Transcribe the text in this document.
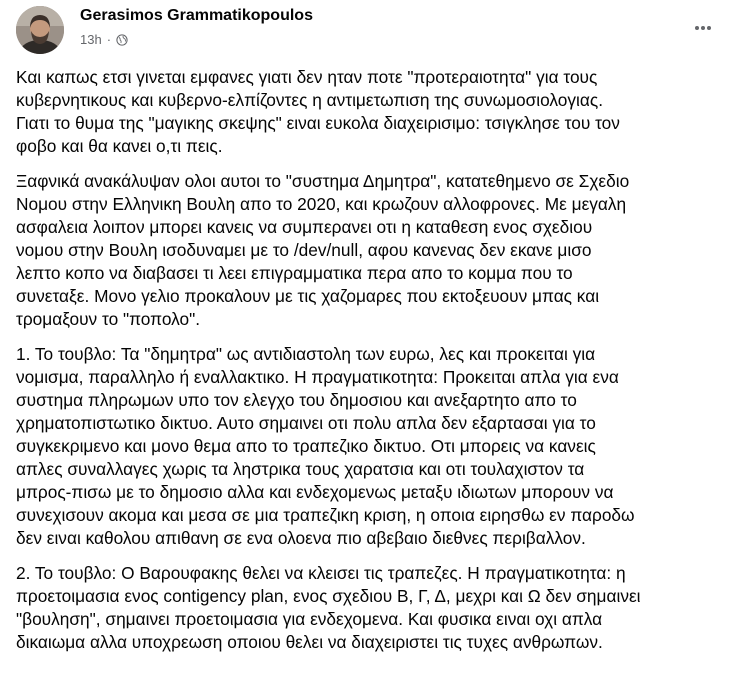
Gerasimos Grammatikopoulos
13h ·

Και καπως ετσι γινεται εμφανες γιατι δεν ηταν ποτε "προτεραιοτητα" για τους
κυβερνητικους και κυβερνο-ελπίζοντες η αντιμετωπιση της συνωμοσιολογιας.
Γιατι το θυμα της "μαγικης σκεψης" ειναι ευκολα διαχειρισιμο: τσιγκλησε του τον
φοβο και θα κανει ο,τι πεις.

Ξαφνικά ανακάλυψαν ολοι αυτοι το "συστημα Δημητρα", κατατεθημενο σε Σχεδιο
Νομου στην Ελληνικη Βουλη απο το 2020, και κρωζουν αλλοφρονες. Με μεγαλη
ασφαλεια λοιπον μπορει κανεις να συμπερανει οτι η καταθεση ενος σχεδιου
νομου στην Βουλη ισοδυναμει με το /dev/null, αφου κανενας δεν εκανε μισο
λεπτο κοπο να διαβασει τι λεει επιγραμματικα περα απο το κομμα που το
συνεταξε. Μονο γελιο προκαλουν με τις χαζομαρες που εκτοξευουν μπας και
τρομαξουν το "ποπολο".

1. Το τουβλο: Τα "δημητρα" ως αντιδιαστολη των ευρω, λες και προκειται για
νομισμα, παραλληλο ή εναλλακτικο. Η πραγματικοτητα: Προκειται απλα για ενα
συστημα πληρωμων υπο τον ελεγχο του δημοσιου και ανεξαρτητο απο το
χρηματοπιστωτικο δικτυο. Αυτο σημαινει οτι πολυ απλα δεν εξαρτασαι για το
συγκεκριμενο και μονο θεμα απο το τραπεζικο δικτυο. Οτι μπορεις να κανεις
απλες συναλλαγες χωρις τα ληστρικα τους χαρατσια και οτι τουλαχιστον τα
μπρος-πισω με το δημοσιο αλλα και ενδεχομενως μεταξυ ιδιωτων μπορουν να
συνεχισουν ακομα και μεσα σε μια τραπεζικη κριση, η οποια ειρησθω εν παροδω
δεν ειναι καθολου απιθανη σε ενα ολοενα πιο αβεβαιο διεθνες περιβαλλον.

2. Το τουβλο: Ο Βαρουφακης θελει να κλεισει τις τραπεζες. Η πραγματικοτητα: η
προετοιμασια ενος contigency plan, ενος σχεδιου Β, Γ, Δ, μεχρι και Ω δεν σημαινει
"βουληση", σημαινει προετοιμασια για ενδεχομενα. Και φυσικα ειναι οχι απλα
δικαιωμα αλλα υποχρεωση οποιου θελει να διαχειριστει τις τυχες ανθρωπων.
